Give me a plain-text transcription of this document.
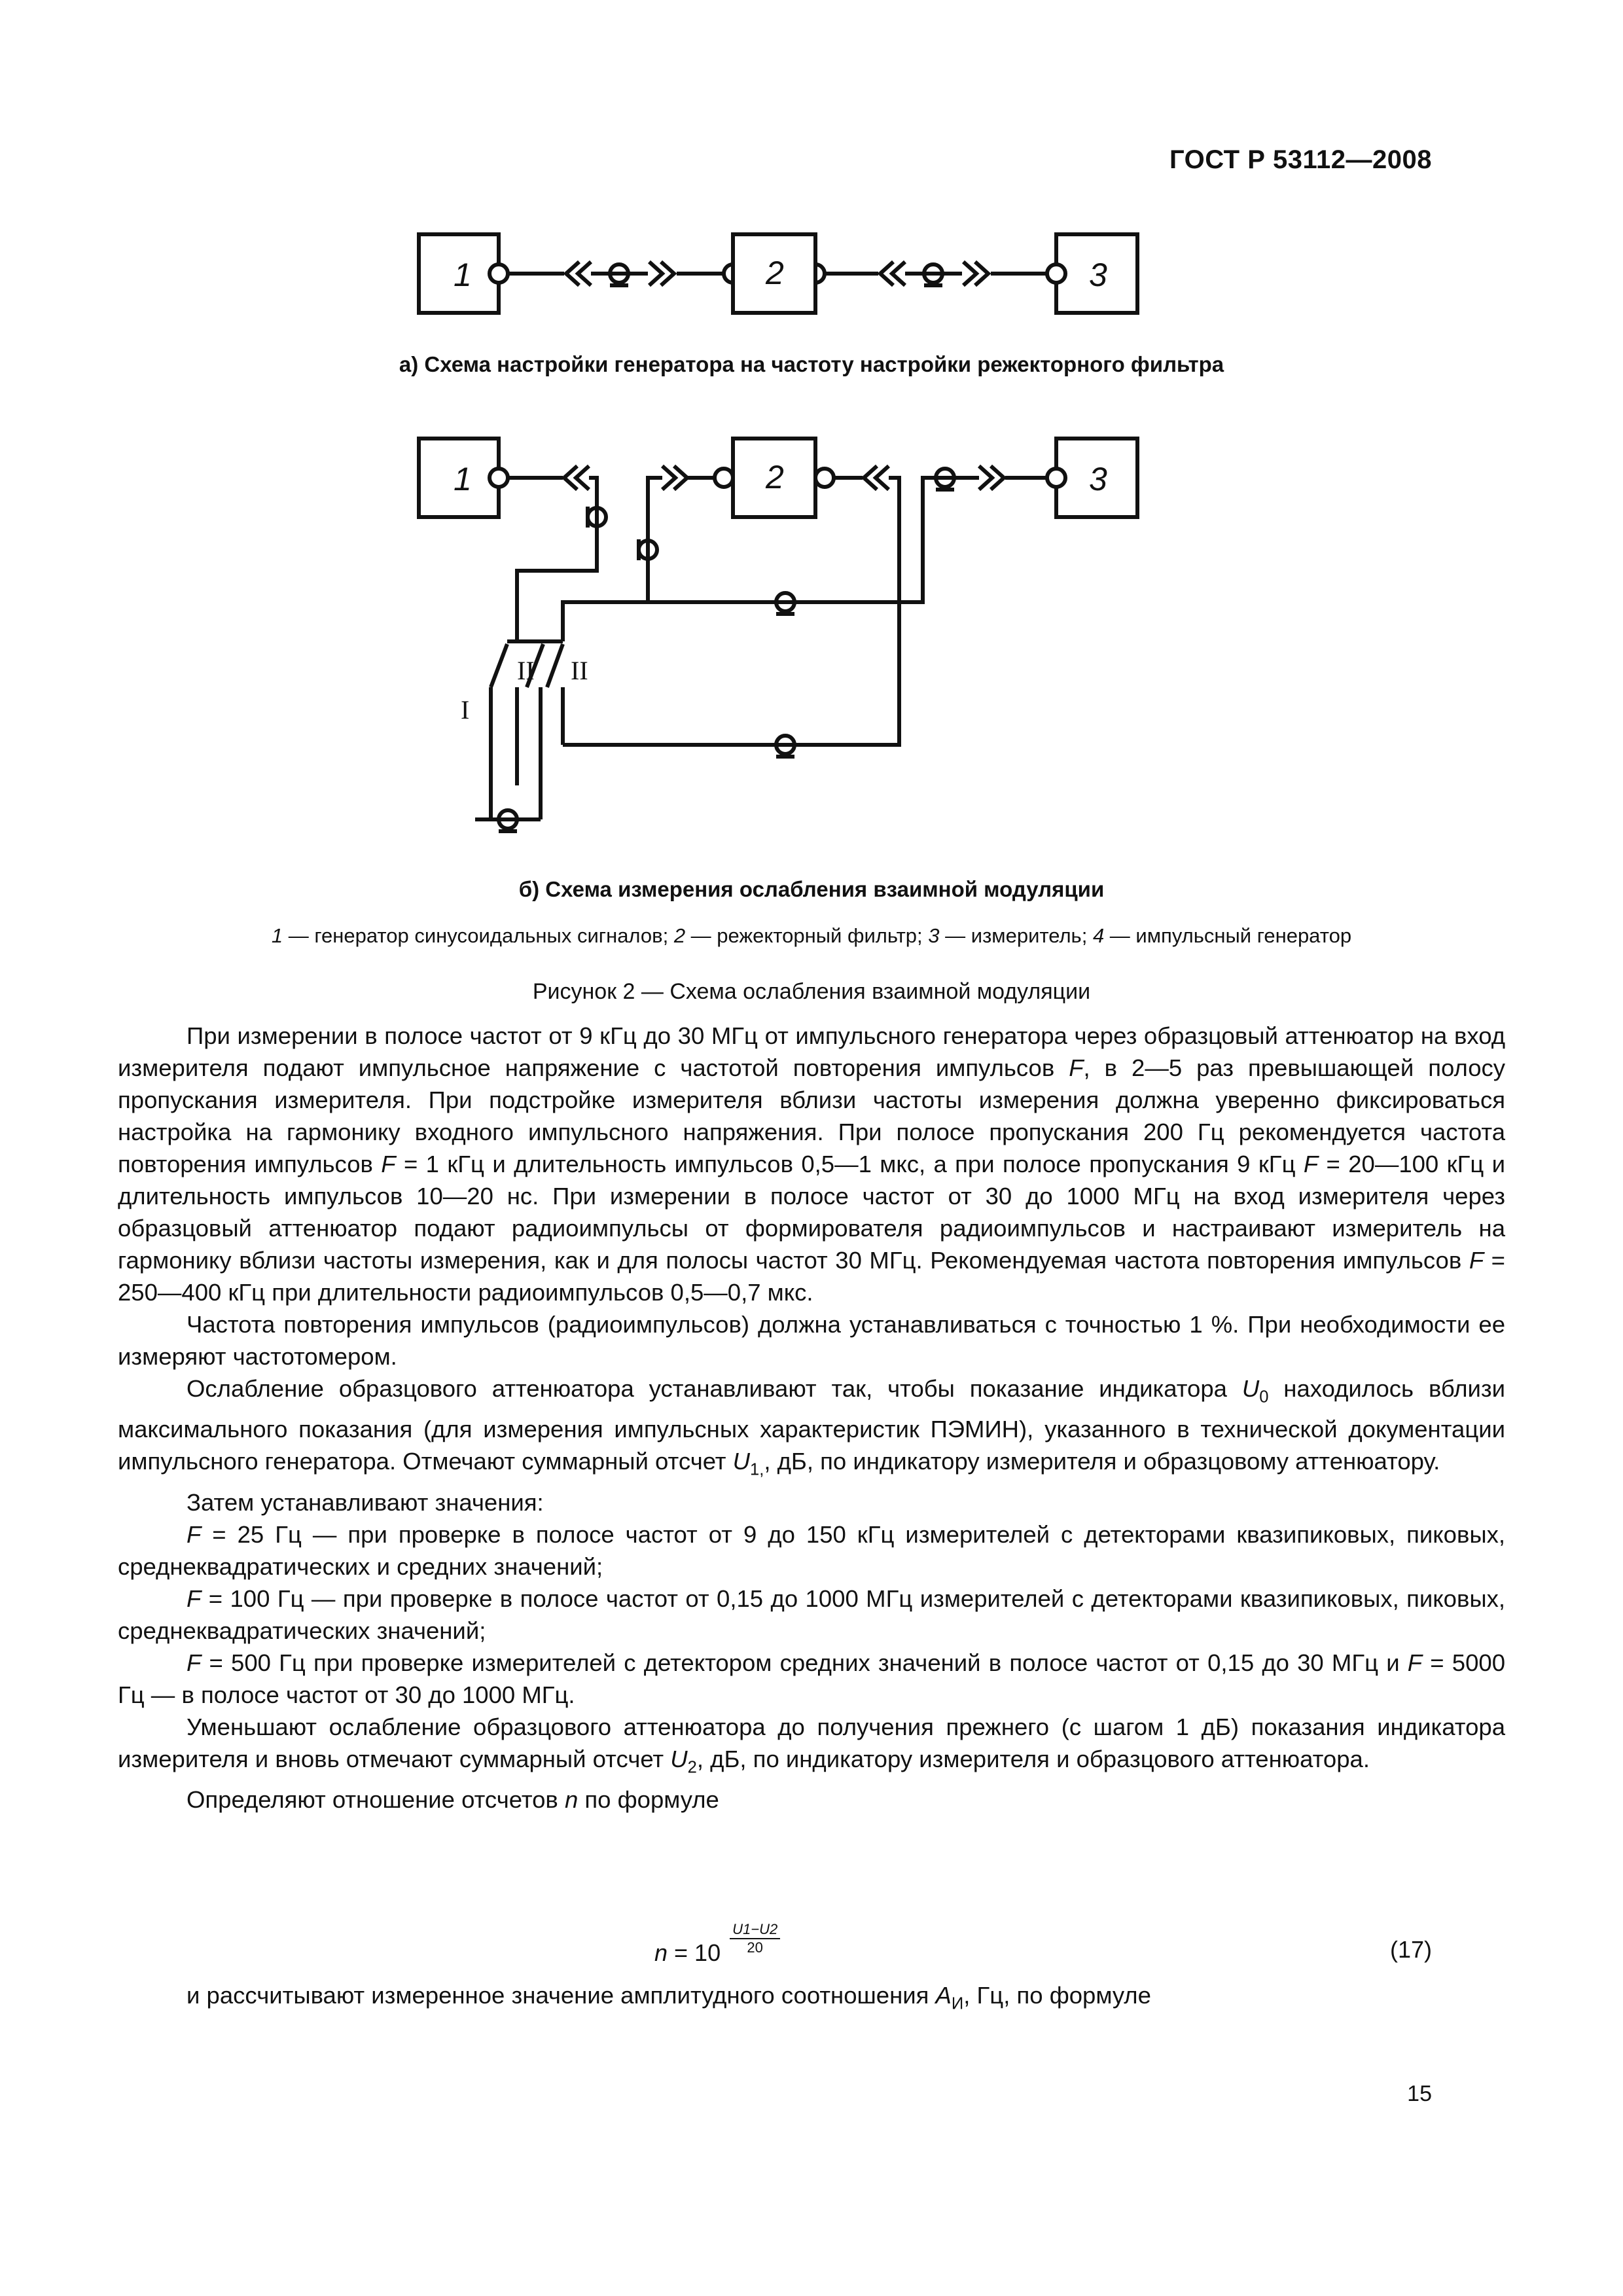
ГОСТ Р 53112—2008
1	2	3
а) Схема настройки генератора на частоту настройки режекторного фильтра
1	2	3
I
II II
б) Схема измерения ослабления взаимной модуляции
1 — генератор синусоидальных сигналов; 2 — режекторный фильтр; 3 — измеритель; 4 — импульсный генератор
Рисунок 2 — Схема ослабления взаимной модуляции

При измерении в полосе частот от 9 кГц до 30 МГц от импульсного генератора через образцовый аттенюатор на вход измерителя подают импульсное напряжение с частотой повторения импульсов F, в 2—5 раз превышающей полосу пропускания измерителя. При подстройке измерителя вблизи частоты измерения должна уверенно фиксироваться настройка на гармонику входного импульсного напряжения. При полосе пропускания 200 Гц рекомендуется частота повторения импульсов F = 1 кГц и длительность импульсов 0,5—1 мкс, а при полосе пропускания 9 кГц F = 20—100 кГц и длительность импульсов 10—20 нс. При измерении в полосе частот от 30 до 1000 МГц на вход измерителя через образцовый аттенюатор подают радиоимпульсы от формирователя радиоимпульсов и настраивают измеритель на гармонику вблизи частоты измерения, как и для полосы частот 30 МГц. Рекомендуемая частота повторения импульсов F = 250—400 кГц при длительности радиоимпульсов 0,5—0,7 мкс.

Частота повторения импульсов (радиоимпульсов) должна устанавливаться с точностью 1 %. При необходимости ее измеряют частотомером.

Ослабление образцового аттенюатора устанавливают так, чтобы показание индикатора $U_0$ находилось вблизи максимального показания (для измерения импульсных характеристик ПЭМИН), указанного в технической документации импульсного генератора. Отмечают суммарный отсчет $U_{1,}$, дБ, по индикатору измерителя и образцовому аттенюатору.

Затем устанавливают значения:

F = 25 Гц — при проверке в полосе частот от 9 до 150 кГц измерителей с детекторами квазипиковых, пиковых, среднеквадратических и средних значений;

F = 100 Гц — при проверке в полосе частот от 0,15 до 1000 МГц измерителей с детекторами квазипиковых, пиковых, среднеквадратических значений;

F = 500 Гц при проверке измерителей с детектором средних значений в полосе частот от 0,15 до 30 МГц и F = 5000 Гц — в полосе частот от 30 до 1000 МГц.

Уменьшают ослабление образцового аттенюатора до получения прежнего (с шагом 1 дБ) показания индикатора измерителя и вновь отмечают суммарный отсчет $U_2$, дБ, по индикатору измерителя и образцового аттенюатора.

Определяют отношение отсчетов n по формуле

$n = 10 \frac{U1-U2}{20}$	(17)
и рассчитывают измеренное значение амплитудного соотношения $A_И$, Гц, по формуле
15
